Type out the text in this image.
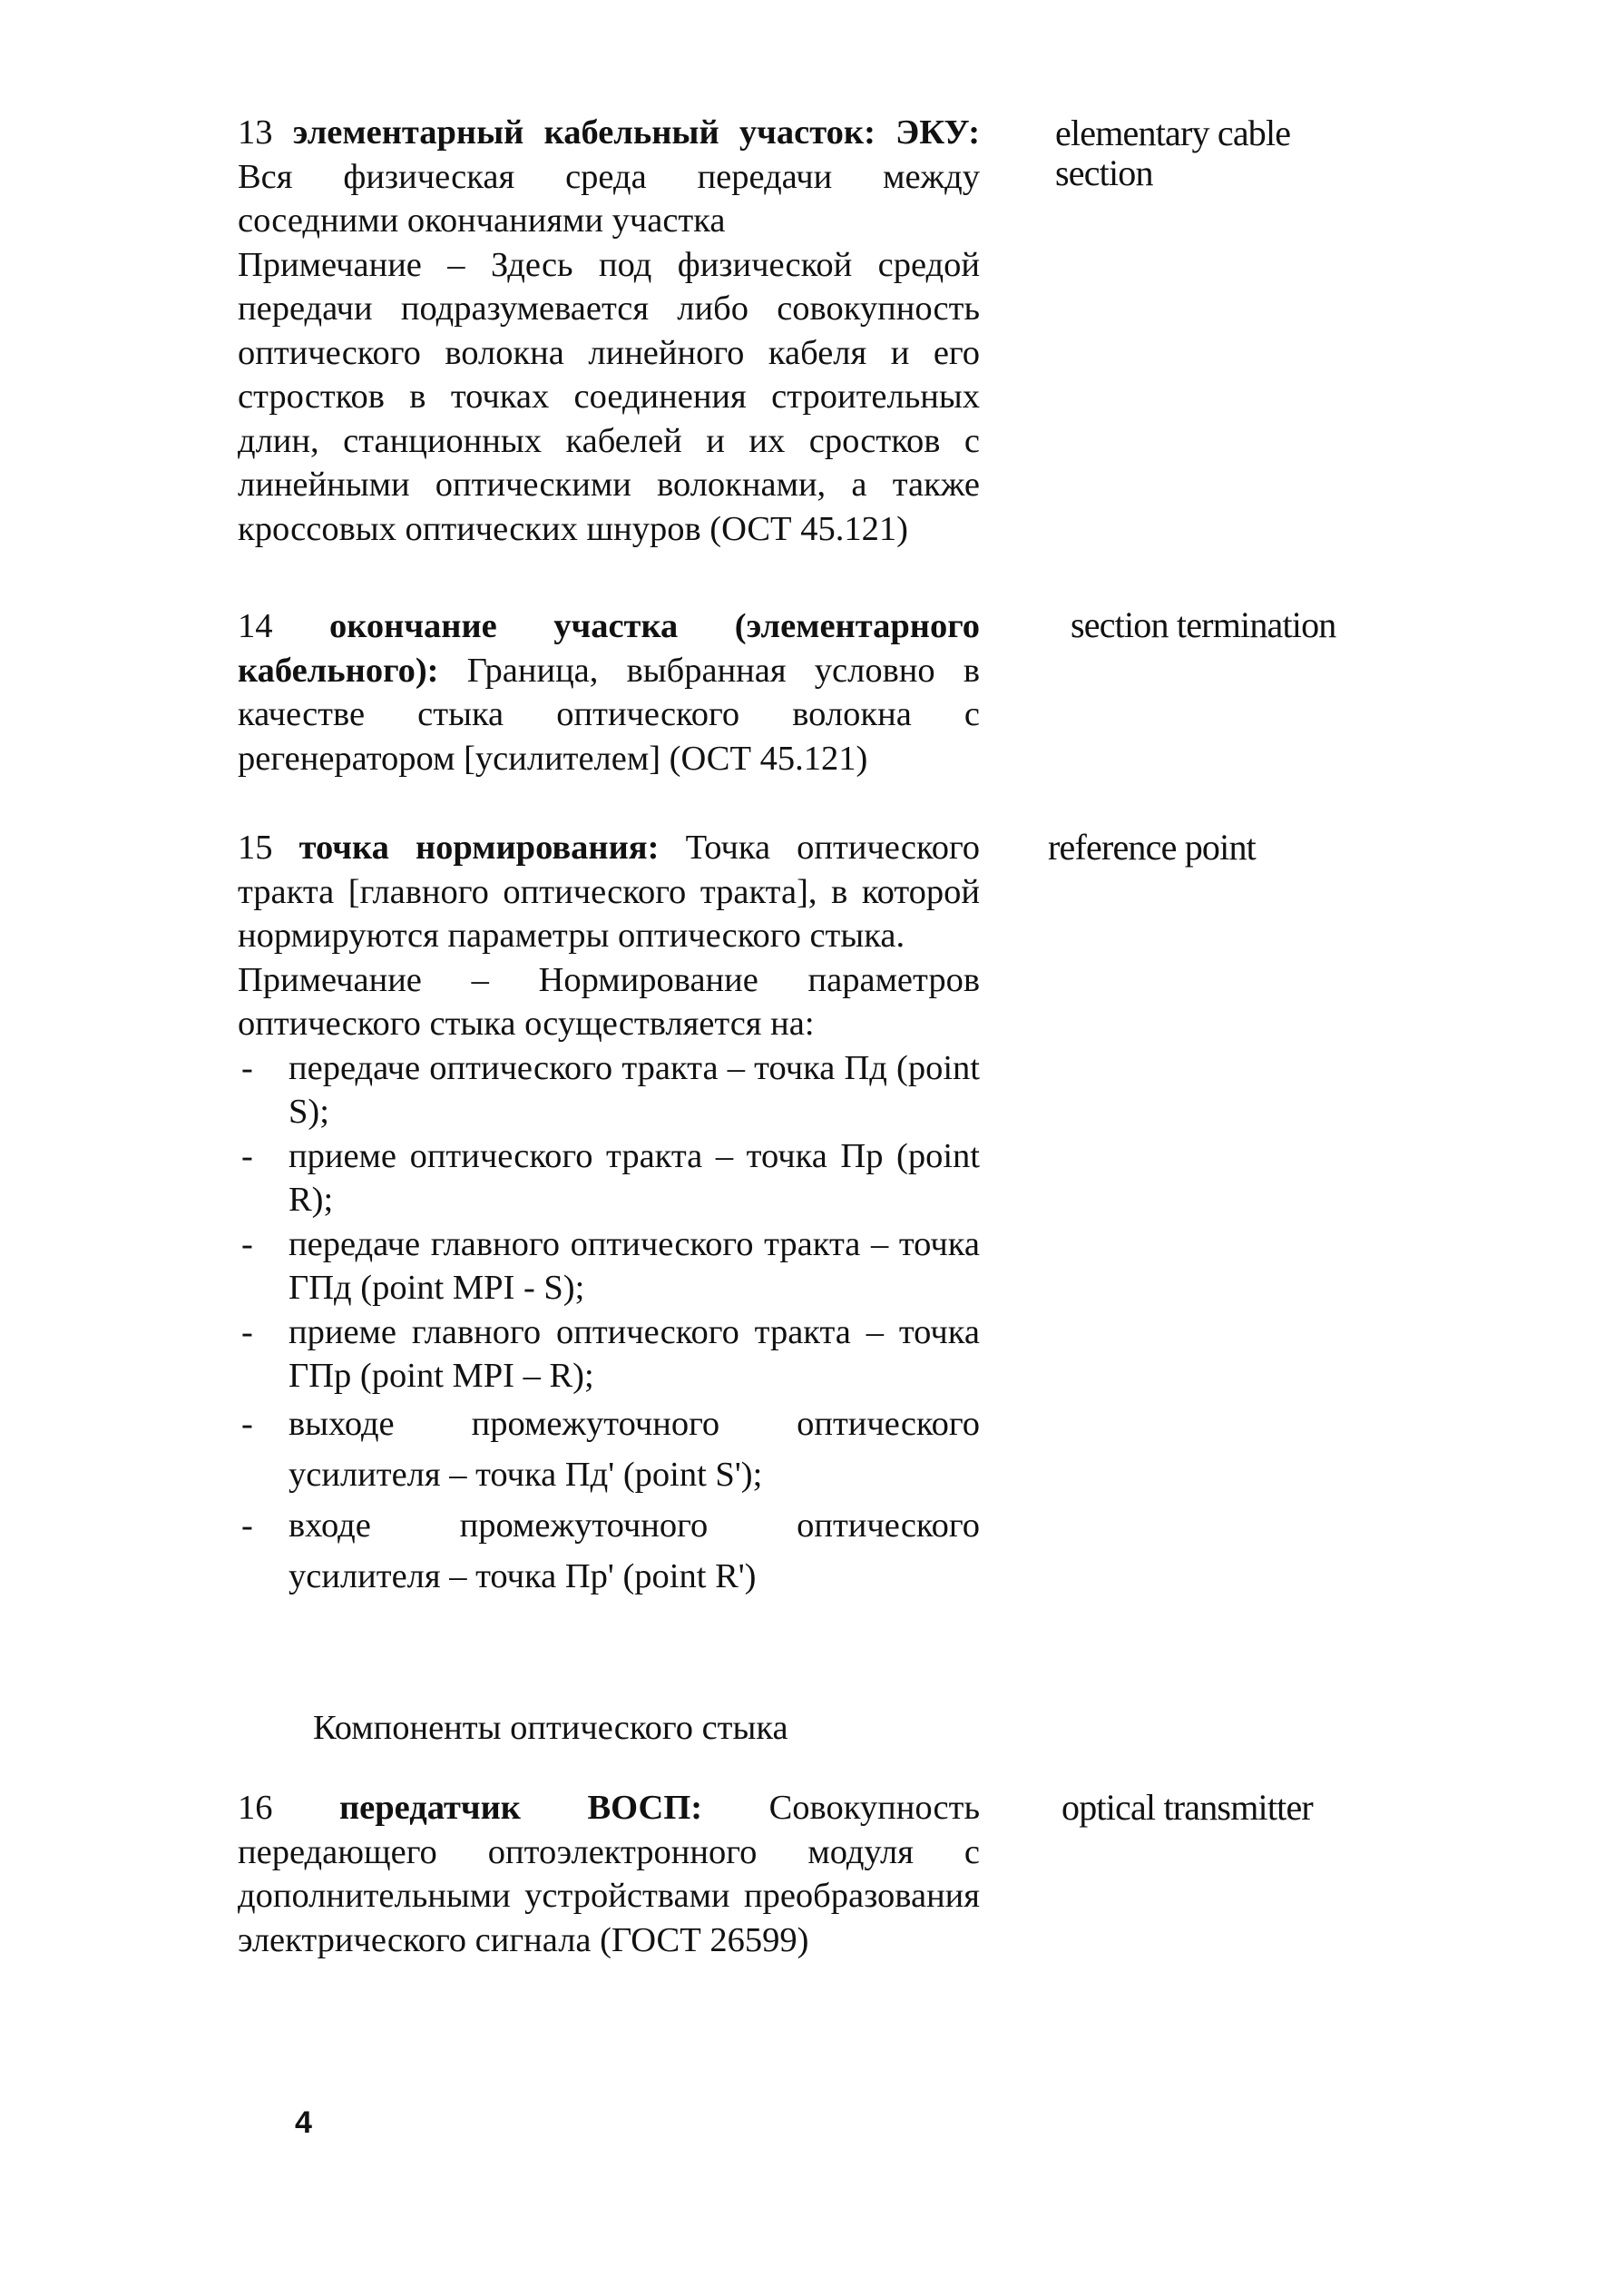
13 элементарный кабельный участок: ЭКУ: Вся физическая среда передачи между соседними окончаниями участка

Примечание – Здесь под физической средой передачи подразумевается либо совокупность оптического волокна линейного кабеля и его стростков в точках соединения строительных длин, станционных кабелей и их сростков с линейными оптическими волокнами, а также кроссовых оптических шнуров (ОСТ 45.121)

elementary cable section

14 окончание участка (элементарного кабельного): Граница, выбранная условно в качестве стыка оптического волокна с регенератором [усилителем] (ОСТ 45.121)

section termination

15 точка нормирования: Точка оптического тракта [главного оптического тракта], в которой нормируются параметры оптического стыка.

Примечание – Нормирование параметров оптического стыка осуществляется на:

- передаче оптического тракта – точка Пд (point S);
- приеме оптического тракта – точка Пр (point R);
- передаче главного оптического тракта – точка ГПд (point MPI - S);
- приеме главного оптического тракта – точка ГПр (point MPI – R);
- выходе промежуточного оптического усилителя – точка Пд' (point S');
- входе промежуточного оптического усилителя – точка Пр' (point R')
reference point
Компоненты оптического стыка

16 передатчик ВОСП: Совокупность передающего оптоэлектронного модуля с дополнительными устройствами преобразования электрического сигнала (ГОСТ 26599)

optical transmitter
4
